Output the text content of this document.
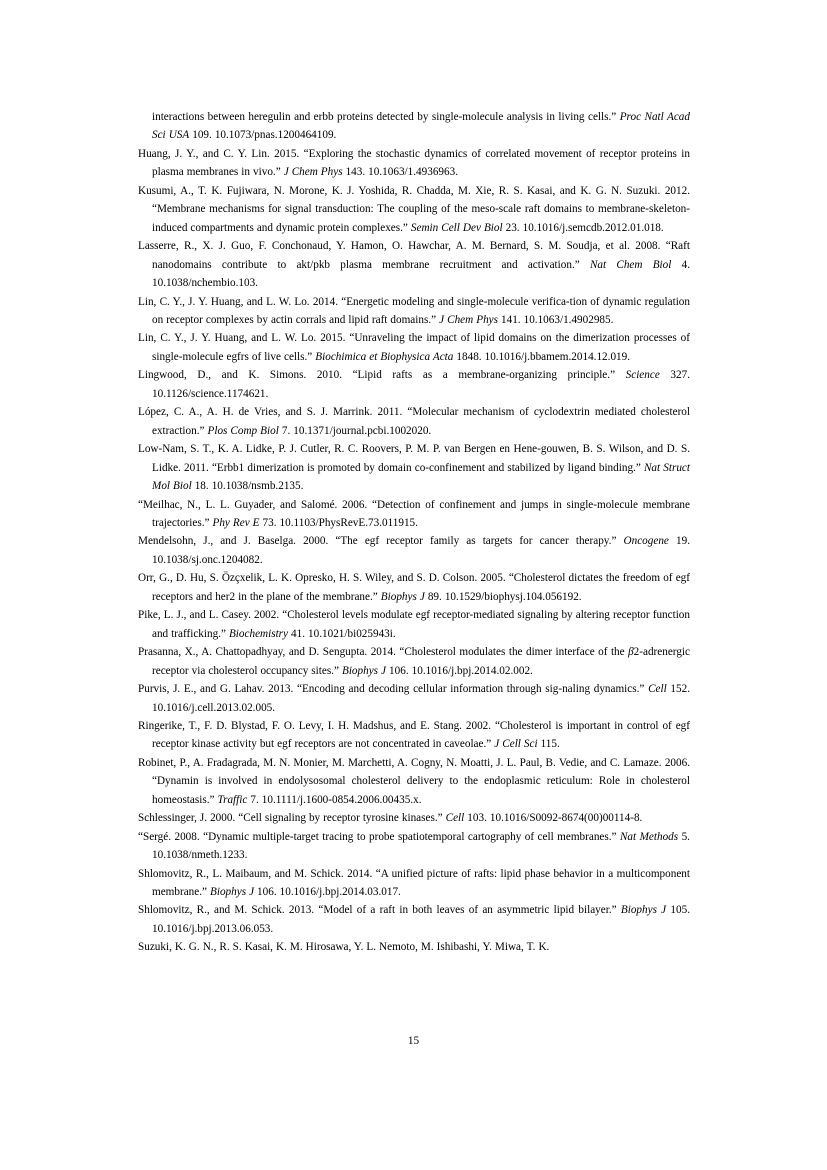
interactions between heregulin and erbb proteins detected by single-molecule analysis in living cells.” Proc Natl Acad Sci USA 109. 10.1073/pnas.1200464109.

Huang, J. Y., and C. Y. Lin. 2015. “Exploring the stochastic dynamics of correlated movement of receptor proteins in plasma membranes in vivo.” J Chem Phys 143. 10.1063/1.4936963.

Kusumi, A., T. K. Fujiwara, N. Morone, K. J. Yoshida, R. Chadda, M. Xie, R. S. Kasai, and K. G. N. Suzuki. 2012. “Membrane mechanisms for signal transduction: The coupling of the meso-scale raft domains to membrane-skeleton-induced compartments and dynamic protein complexes.” Semin Cell Dev Biol 23. 10.1016/j.semcdb.2012.01.018.

Lasserre, R., X. J. Guo, F. Conchonaud, Y. Hamon, O. Hawchar, A. M. Bernard, S. M. Soudja, et al. 2008. “Raft nanodomains contribute to akt/pkb plasma membrane recruitment and activation.” Nat Chem Biol 4. 10.1038/nchembio.103.

Lin, C. Y., J. Y. Huang, and L. W. Lo. 2014. “Energetic modeling and single-molecule verifica-tion of dynamic regulation on receptor complexes by actin corrals and lipid raft domains.” J Chem Phys 141. 10.1063/1.4902985.

Lin, C. Y., J. Y. Huang, and L. W. Lo. 2015. “Unraveling the impact of lipid domains on the dimerization processes of single-molecule egfrs of live cells.” Biochimica et Biophysica Acta 1848. 10.1016/j.bbamem.2014.12.019.

Lingwood, D., and K. Simons. 2010. “Lipid rafts as a membrane-organizing principle.” Science 327. 10.1126/science.1174621.

López, C. A., A. H. de Vries, and S. J. Marrink. 2011. “Molecular mechanism of cyclodextrin mediated cholesterol extraction.” Plos Comp Biol 7. 10.1371/journal.pcbi.1002020.

Low-Nam, S. T., K. A. Lidke, P. J. Cutler, R. C. Roovers, P. M. P. van Bergen en Hene-gouwen, B. S. Wilson, and D. S. Lidke. 2011. “Erbb1 dimerization is promoted by domain co-confinement and stabilized by ligand binding.” Nat Struct Mol Biol 18. 10.1038/nsmb.2135.

“Meilhac, N., L. L. Guyader, and Salomé. 2006. “Detection of confinement and jumps in single-molecule membrane trajectories.” Phy Rev E 73. 10.1103/PhysRevE.73.011915.

Mendelsohn, J., and J. Baselga. 2000. “The egf receptor family as targets for cancer therapy.” Oncogene 19. 10.1038/sj.onc.1204082.

Orr, G., D. Hu, S. Özçxelik, L. K. Opresko, H. S. Wiley, and S. D. Colson. 2005. “Cholesterol dictates the freedom of egf receptors and her2 in the plane of the membrane.” Biophys J 89. 10.1529/biophysj.104.056192.

Pike, L. J., and L. Casey. 2002. “Cholesterol levels modulate egf receptor-mediated signaling by altering receptor function and trafficking.” Biochemistry 41. 10.1021/bi025943i.

Prasanna, X., A. Chattopadhyay, and D. Sengupta. 2014. “Cholesterol modulates the dimer interface of the β2-adrenergic receptor via cholesterol occupancy sites.” Biophys J 106. 10.1016/j.bpj.2014.02.002.

Purvis, J. E., and G. Lahav. 2013. “Encoding and decoding cellular information through sig-naling dynamics.” Cell 152. 10.1016/j.cell.2013.02.005.

Ringerike, T., F. D. Blystad, F. O. Levy, I. H. Madshus, and E. Stang. 2002. “Cholesterol is important in control of egf receptor kinase activity but egf receptors are not concentrated in caveolae.” J Cell Sci 115.

Robinet, P., A. Fradagrada, M. N. Monier, M. Marchetti, A. Cogny, N. Moatti, J. L. Paul, B. Vedie, and C. Lamaze. 2006. “Dynamin is involved in endolysosomal cholesterol delivery to the endoplasmic reticulum: Role in cholesterol homeostasis.” Traffic 7. 10.1111/j.1600-0854.2006.00435.x.

Schlessinger, J. 2000. “Cell signaling by receptor tyrosine kinases.” Cell 103. 10.1016/S0092-8674(00)00114-8.

“Sergé. 2008. “Dynamic multiple-target tracing to probe spatiotemporal cartography of cell membranes.” Nat Methods 5. 10.1038/nmeth.1233.

Shlomovitz, R., L. Maibaum, and M. Schick. 2014. “A unified picture of rafts: lipid phase behavior in a multicomponent membrane.” Biophys J 106. 10.1016/j.bpj.2014.03.017.

Shlomovitz, R., and M. Schick. 2013. “Model of a raft in both leaves of an asymmetric lipid bilayer.” Biophys J 105. 10.1016/j.bpj.2013.06.053.

Suzuki, K. G. N., R. S. Kasai, K. M. Hirosawa, Y. L. Nemoto, M. Ishibashi, Y. Miwa, T. K.

15
